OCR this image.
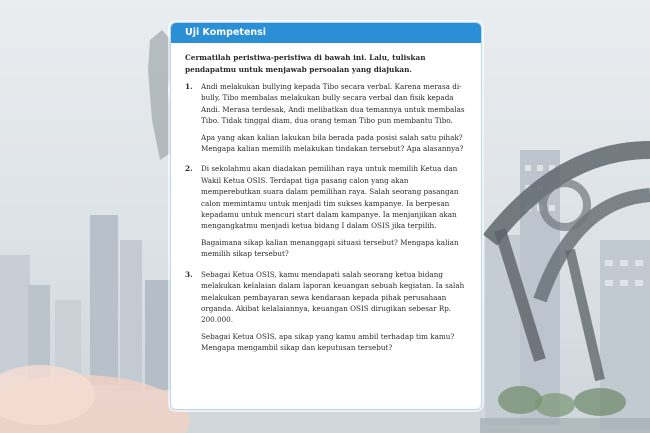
Uji Kompetensi

Cermatilah peristiwa-peristiwa di bawah ini. Lalu, tuliskan pendapatmu untuk menjawab persoalan yang diajukan.

1.	Andi melakukan bullying kepada Tibo secara verbal. Karena merasa di-bully, Tibo membalas melakukan bully secara verbal dan fisik kepada Andi. Merasa terdesak, Andi melibatkan dua temannya untuk membalas Tibo. Tidak tinggal diam, dua orang teman Tibo pun membantu Tibo.

Apa yang akan kalian lakukan bila berada pada posisi salah satu pihak? Mengapa kalian memilih melakukan tindakan tersebut? Apa alasannya?

2.	Di sekolahmu akan diadakan pemilihan raya untuk memilih Ketua dan Wakil Ketua OSIS. Terdapat tiga pasang calon yang akan memperebutkan suara dalam pemilihan raya. Salah seorang pasangan calon memintamu untuk menjadi tim sukses kampanye. Ia berpesan kepadamu untuk mencuri start dalam kampanye. Ia menjanjikan akan mengangkatmu menjadi ketua bidang I dalam OSIS jika terpilih.

Bagaimana sikap kalian menanggapi situasi tersebut? Mengapa kalian memilih sikap tersebut?

3.	Sebagai Ketua OSIS, kamu mendapati salah seorang ketua bidang melakukan kelalaian dalam laporan keuangan sebuah kegiatan. Ia salah melakukan pembayaran sewa kendaraan kepada pihak perusahaan organda. Akibat kelalaiannya, keuangan OSIS dirugikan sebesar Rp. 200.000.

Sebagai Ketua OSIS, apa sikap yang kamu ambil terhadap tim kamu? Mengapa mengambil sikap dan keputusan tersebut?
